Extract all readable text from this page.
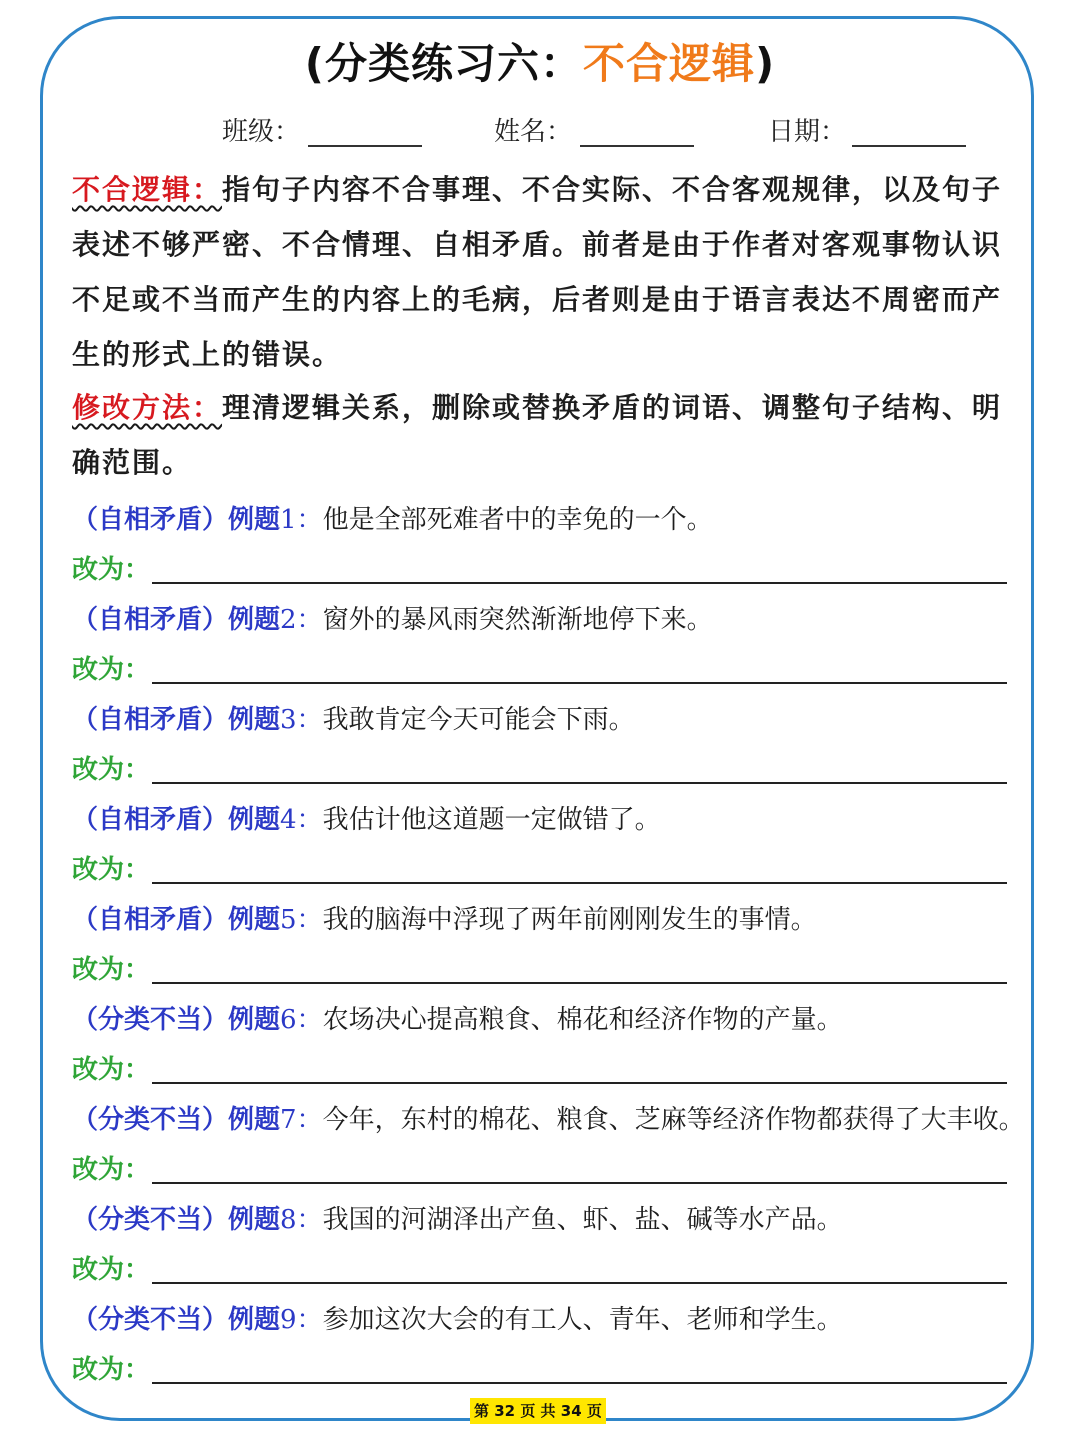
(分类练习六：不合逻辑)
班级：	姓名：	日期：

不合逻辑：指句子内容不合事理、不合实际、不合客观规律，以及句子表述不够严密、不合情理、自相矛盾。前者是由于作者对客观事物认识不足或不当而产生的内容上的毛病，后者则是由于语言表达不周密而产生的形式上的错误。

修改方法：理清逻辑关系，删除或替换矛盾的词语、调整句子结构、明确范围。

（自相矛盾）例题1：他是全部死难者中的幸免的一个。
改为：
（自相矛盾）例题2：窗外的暴风雨突然渐渐地停下来。
改为：
（自相矛盾）例题3：我敢肯定今天可能会下雨。
改为：
（自相矛盾）例题4：我估计他这道题一定做错了。
改为：
（自相矛盾）例题5：我的脑海中浮现了两年前刚刚发生的事情。
改为：
（分类不当）例题6：农场决心提高粮食、棉花和经济作物的产量。
改为：
（分类不当）例题7：今年，东村的棉花、粮食、芝麻等经济作物都获得了大丰收。
改为：
（分类不当）例题8：我国的河湖泽出产鱼、虾、盐、碱等水产品。
改为：
（分类不当）例题9：参加这次大会的有工人、青年、老师和学生。
改为：
第 32 页 共 34 页
